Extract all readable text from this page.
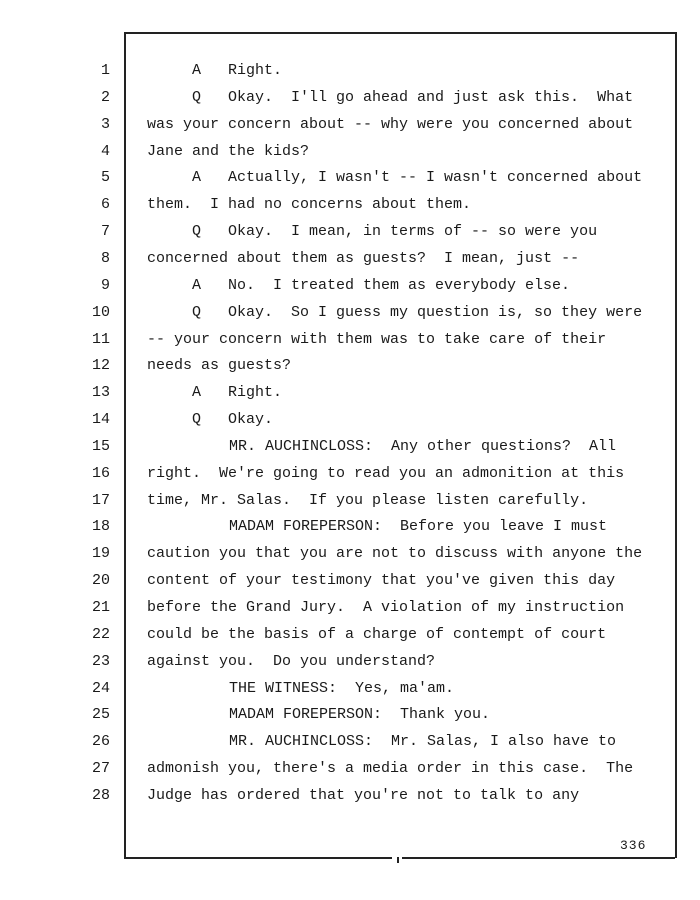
1	A   Right.
2	Q   Okay.  I'll go ahead and just ask this.  What
3 was your concern about -- why were you concerned about
4 Jane and the kids?
5	A   Actually, I wasn't -- I wasn't concerned about
6 them.  I had no concerns about them.
7	Q   Okay.  I mean, in terms of -- so were you
8 concerned about them as guests?  I mean, just --
9	A   No.  I treated them as everybody else.
10	Q   Okay.  So I guess my question is, so they were
11 -- your concern with them was to take care of their
12 needs as guests?
13	A   Right.
14	Q   Okay.
15	MR. AUCHINCLOSS:  Any other questions?  All
16 right.  We're going to read you an admonition at this
17 time, Mr. Salas.  If you please listen carefully.
18	MADAM FOREPERSON:  Before you leave I must
19 caution you that you are not to discuss with anyone the
20 content of your testimony that you've given this day
21 before the Grand Jury.  A violation of my instruction
22 could be the basis of a charge of contempt of court
23 against you.  Do you understand?
24	THE WITNESS:  Yes, ma'am.
25	MADAM FOREPERSON:  Thank you.
26	MR. AUCHINCLOSS:  Mr. Salas, I also have to
27 admonish you, there's a media order in this case.  The
28 Judge has ordered that you're not to talk to any
336
